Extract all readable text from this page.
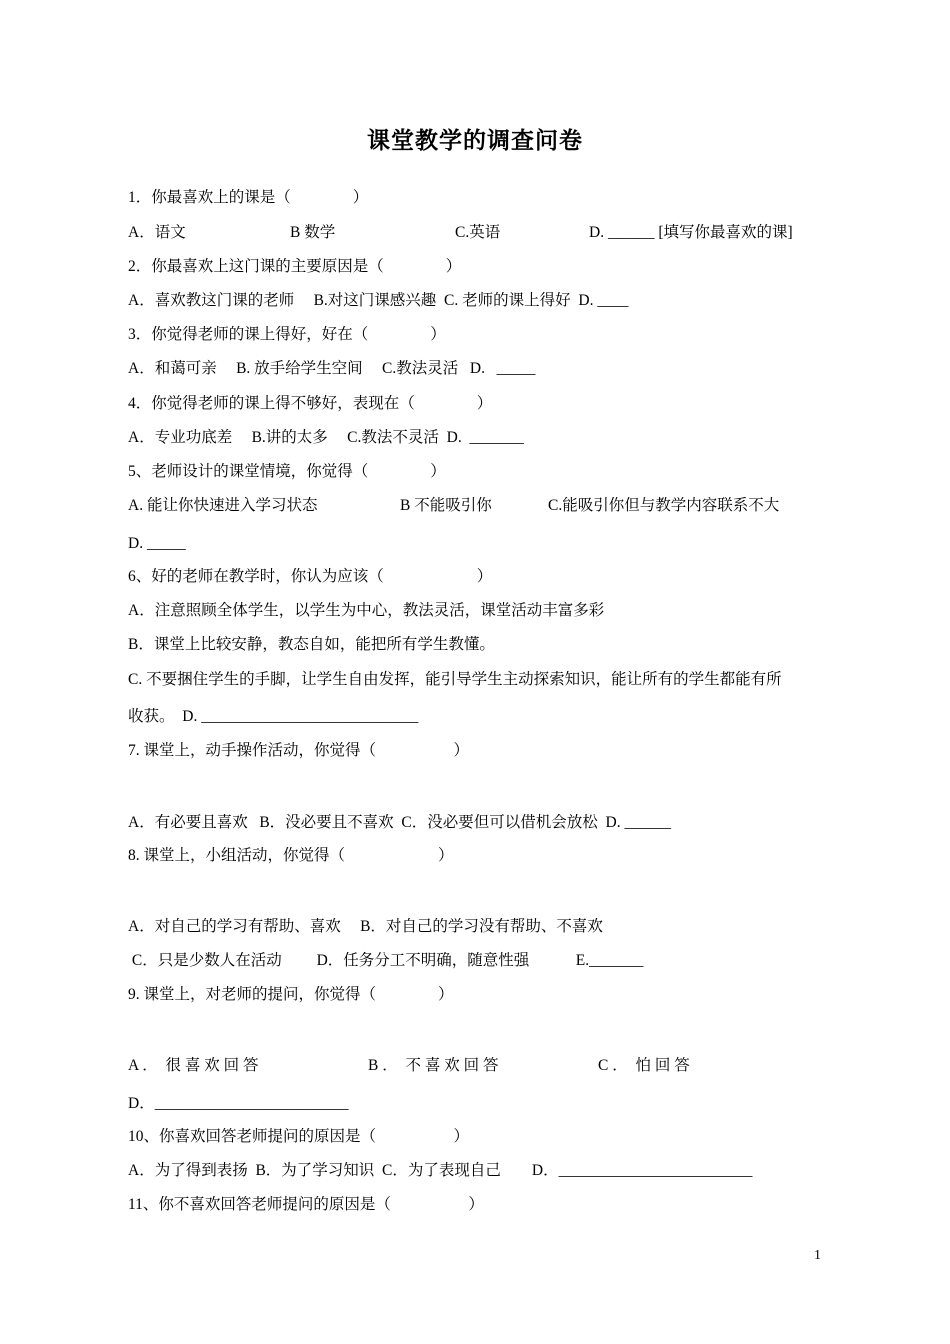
课堂教学的调查问卷
1．你最喜欢上的课是（　　　　）

A．语文

	B 数学

	C.英语

	D. ______ [填写你最喜欢的课]

2．你最喜欢上这门课的主要原因是（　　　　）
A．喜欢教这门课的老师　 B.对这门课感兴趣  C. 老师的课上得好  D. ____
3．你觉得老师的课上得好，好在（　　　　）
A．和蔼可亲　 B. 放手给学生空间　 C.教法灵活   D.   _____
4．你觉得老师的课上得不够好，表现在（　　　　）
A．专业功底差　 B.讲的太多　 C.教法不灵活  D.  _______
5、老师设计的课堂情境，你觉得（　　　　）

A. 能让你快速进入学习状态

	B 不能吸引你

	C.能吸引你但与教学内容联系不大

D. _____
6、好的老师在教学时，你认为应该（　　　　　　）
A．注意照顾全体学生，以学生为中心，教法灵活，课堂活动丰富多彩
B．课堂上比较安静，教态自如，能把所有学生教懂。
C. 不要捆住学生的手脚，让学生自由发挥，能引导学生主动探索知识，能让所有的学生都能有所
收获。  D. ____________________________
7. 课堂上，动手操作活动，你觉得（　　　　　）
A．有必要且喜欢   B．没必要且不喜欢  C．没必要但可以借机会放松  D. ______
8. 课堂上，小组活动，你觉得（　　　　　　）
A．对自己的学习有帮助、喜欢　 B．对自己的学习没有帮助、不喜欢
C．只是少数人在活动　　 D．任务分工不明确，随意性强　　　E._______
9. 课堂上，对老师的提问，你觉得（　　　　）

A ．  很 喜 欢 回 答

	B ．  不 喜 欢 回 答

	C ．  怕 回 答

D．_________________________
10、你喜欢回答老师提问的原因是（　　　　　）
A．为了得到表扬  B．为了学习知识  C．为了表现自己　　D．_________________________
11、你不喜欢回答老师提问的原因是（　　　　　）
1
